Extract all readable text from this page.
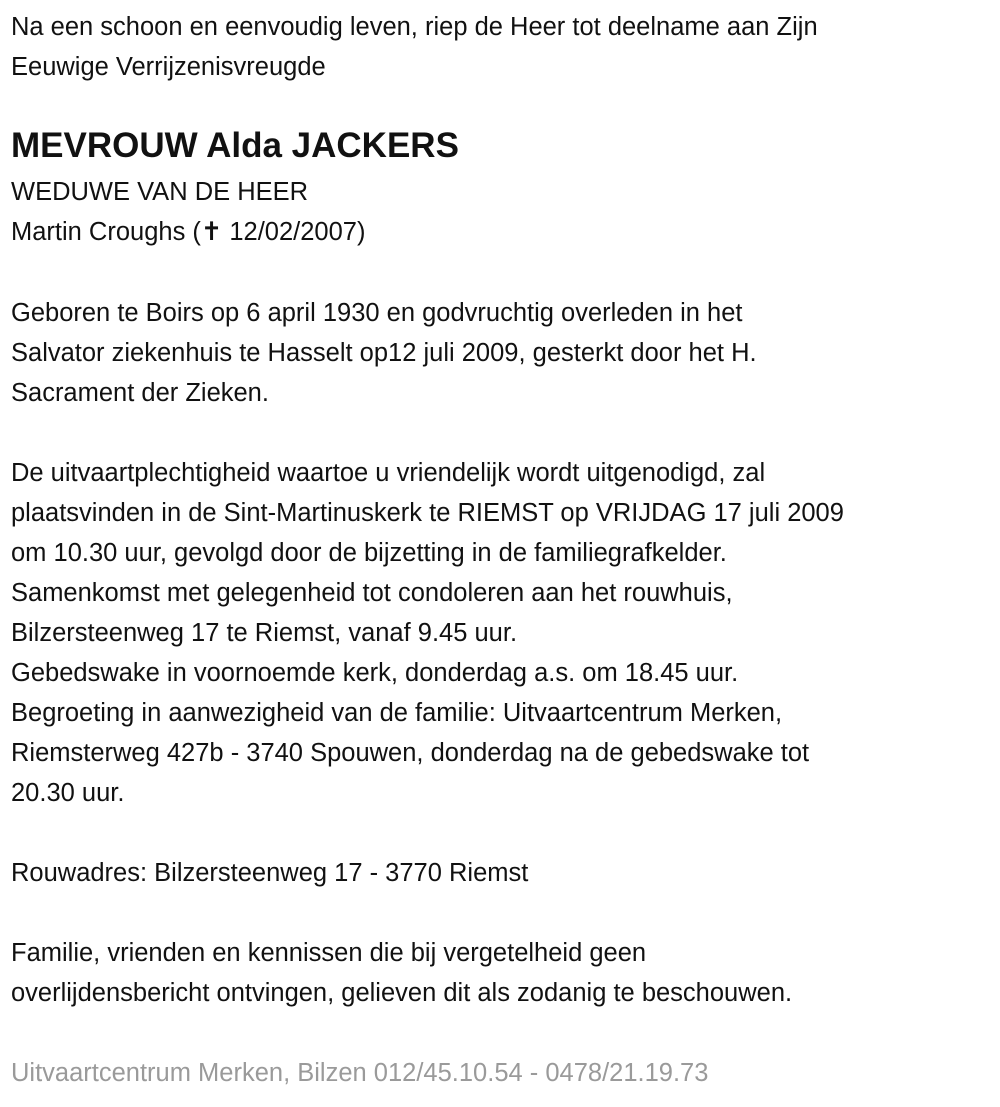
Na een schoon en eenvoudig leven, riep de Heer tot deelname aan Zijn
Eeuwige Verrijzenisvreugde
MEVROUW Alda JACKERS
WEDUWE VAN DE HEER
Martin Croughs (✝ 12/02/2007)
Geboren te Boirs op 6 april 1930 en godvruchtig overleden in het
Salvator ziekenhuis te Hasselt op12 juli 2009, gesterkt door het H.
Sacrament der Zieken.
De uitvaartplechtigheid waartoe u vriendelijk wordt uitgenodigd, zal
plaatsvinden in de Sint-Martinuskerk te RIEMST op VRIJDAG 17 juli 2009
om 10.30 uur, gevolgd door de bijzetting in de familiegrafkelder.
Samenkomst met gelegenheid tot condoleren aan het rouwhuis,
Bilzersteenweg 17 te Riemst, vanaf 9.45 uur.
Gebedswake in voornoemde kerk, donderdag a.s. om 18.45 uur.
Begroeting in aanwezigheid van de familie: Uitvaartcentrum Merken,
Riemsterweg 427b - 3740 Spouwen, donderdag na de gebedswake tot
20.30 uur.
Rouwadres: Bilzersteenweg 17 - 3770 Riemst
Familie, vrienden en kennissen die bij vergetelheid geen
overlijdensbericht ontvingen, gelieven dit als zodanig te beschouwen.
Uitvaartcentrum Merken, Bilzen 012/45.10.54 - 0478/21.19.73
